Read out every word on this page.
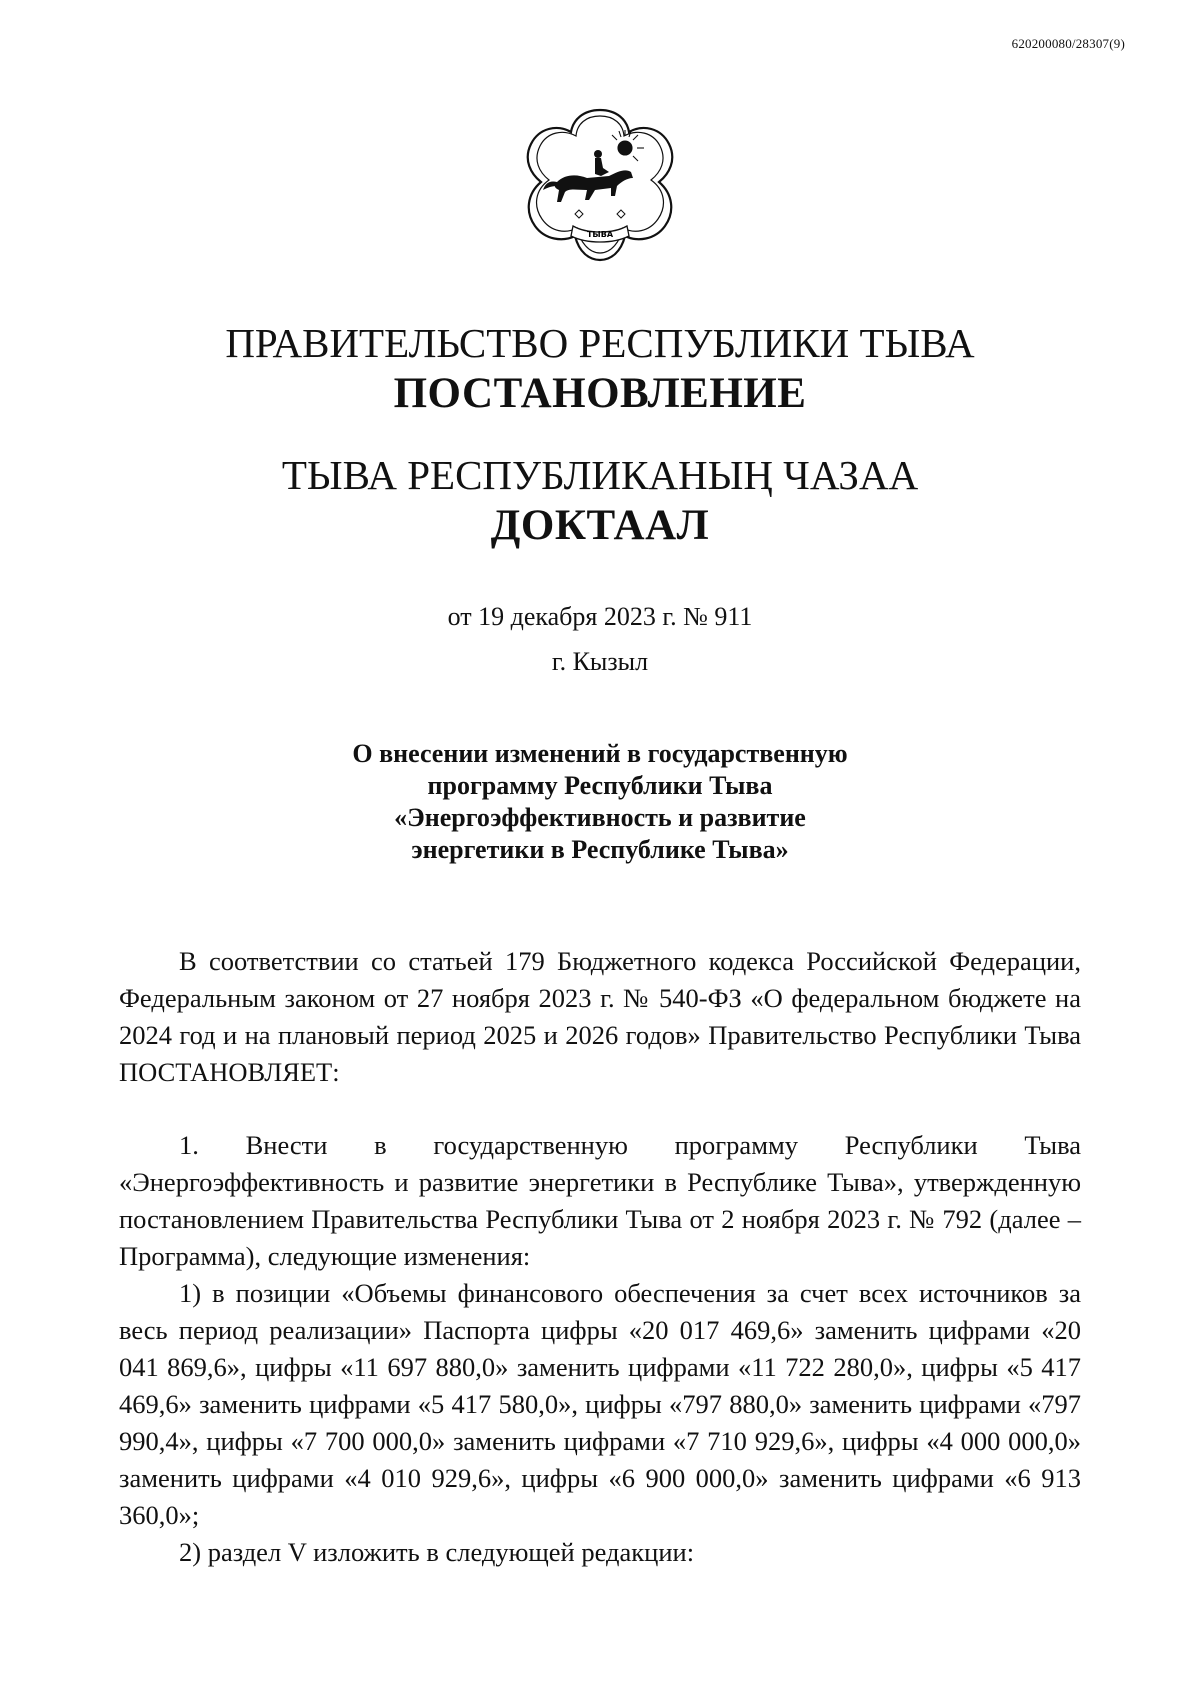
620200080/28307(9)
ТЫВА
ПРАВИТЕЛЬСТВО РЕСПУБЛИКИ ТЫВА
ПОСТАНОВЛЕНИЕ
ТЫВА РЕСПУБЛИКАНЫҢ ЧАЗАА
ДОКТААЛ
от 19 декабря 2023 г. № 911
г. Кызыл
О внесении изменений в государственную
программу Республики Тыва
«Энергоэффективность и развитие
энергетики в Республике Тыва»

В соответствии со статьей 179 Бюджетного кодекса Российской Федерации, Федеральным законом от 27 ноября 2023 г. № 540-ФЗ «О федеральном бюджете на 2024 год и на плановый период 2025 и 2026 годов» Правительство Республики Тыва ПОСТАНОВЛЯЕТ:

1. Внести в государственную программу Республики Тыва «Энергоэффективность и развитие энергетики в Республике Тыва», утвержденную постановлением Правительства Республики Тыва от 2 ноября 2023 г. № 792 (далее – Программа), следующие изменения:

1) в позиции «Объемы финансового обеспечения за счет всех источников за весь период реализации» Паспорта цифры «20 017 469,6» заменить цифрами «20 041 869,6», цифры «11 697 880,0» заменить цифрами «11 722 280,0», цифры «5 417 469,6» заменить цифрами «5 417 580,0», цифры «797 880,0» заменить цифрами «797 990,4», цифры «7 700 000,0» заменить цифрами «7 710 929,6», цифры «4 000 000,0» заменить цифрами «4 010 929,6», цифры «6 900 000,0» заменить цифрами «6 913 360,0»;

2) раздел V изложить в следующей редакции:
